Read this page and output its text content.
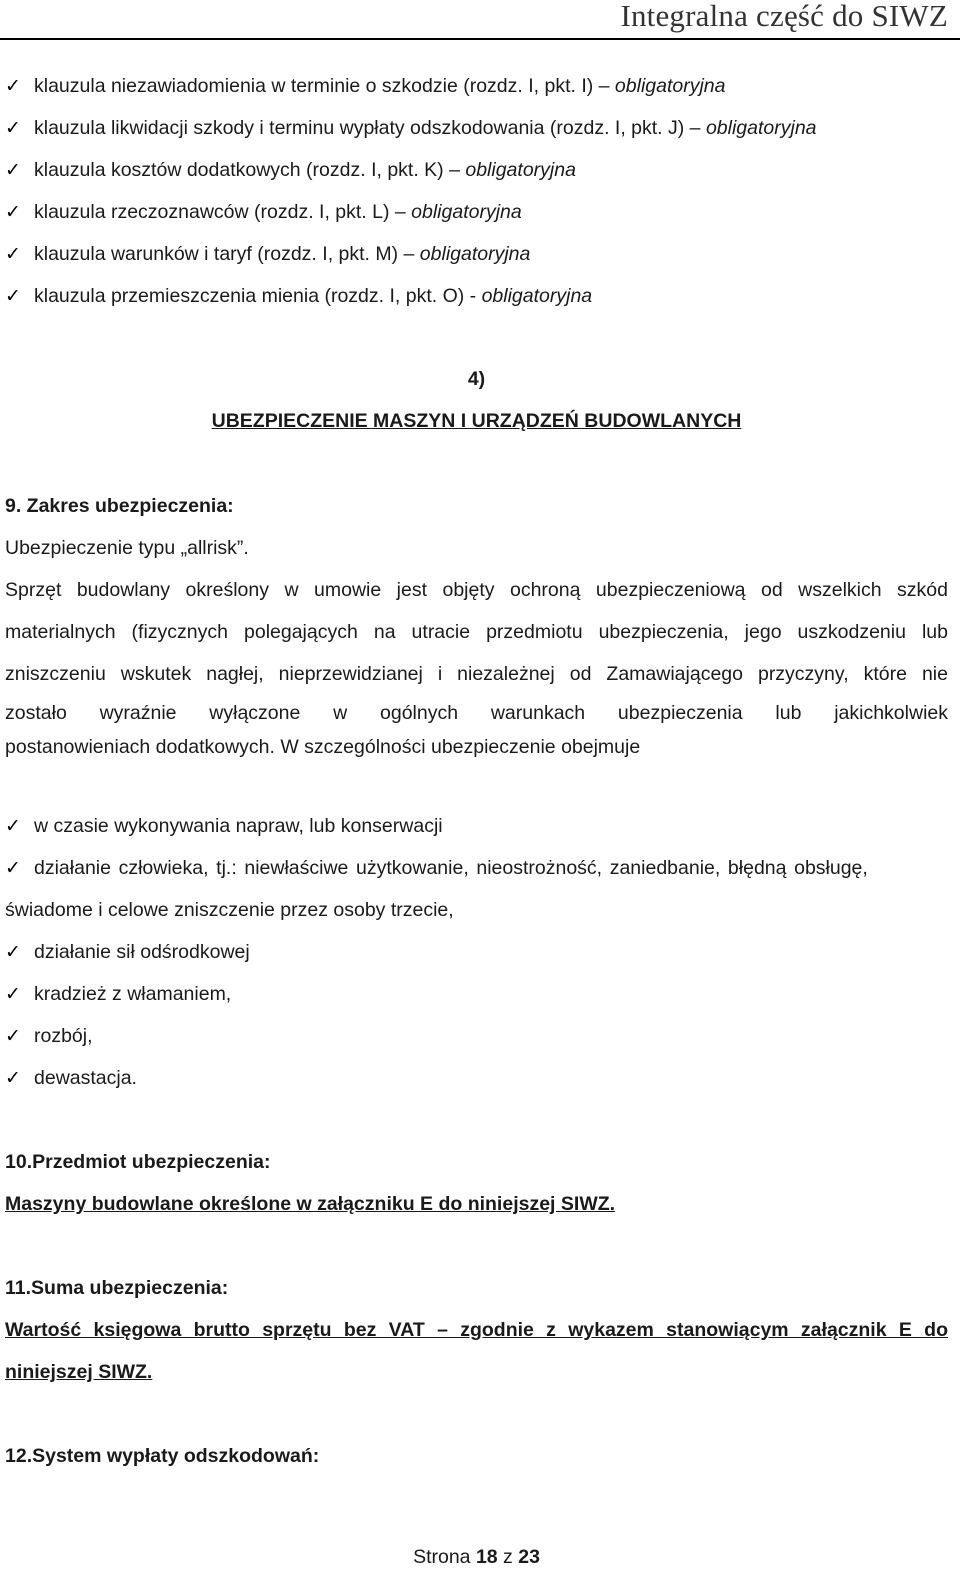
Integralna część do SIWZ
✓ klauzula niezawiadomienia w terminie o szkodzie (rozdz. I, pkt. I) – obligatoryjna
✓ klauzula likwidacji szkody i terminu wypłaty odszkodowania (rozdz. I, pkt. J) – obligatoryjna
✓ klauzula kosztów dodatkowych (rozdz. I, pkt. K) – obligatoryjna
✓ klauzula rzeczoznawców (rozdz. I, pkt. L) – obligatoryjna
✓ klauzula warunków i taryf (rozdz. I, pkt. M) – obligatoryjna
✓ klauzula przemieszczenia mienia (rozdz. I, pkt. O) - obligatoryjna
4)
UBEZPIECZENIE MASZYN I URZĄDZEŃ BUDOWLANYCH
9. Zakres ubezpieczenia:
Ubezpieczenie typu „allrisk”.
Sprzęt budowlany określony w umowie jest objęty ochroną ubezpieczeniową od wszelkich szkód
materialnych (fizycznych polegających na utracie przedmiotu ubezpieczenia, jego uszkodzeniu lub
zniszczeniu wskutek nagłej, nieprzewidzianej i niezależnej od Zamawiającego przyczyny, które nie
zostało wyraźnie wyłączone w ogólnych warunkach ubezpieczenia lub jakichkolwiek
postanowieniach dodatkowych. W szczególności ubezpieczenie obejmuje
✓ w czasie wykonywania napraw, lub konserwacji
✓ działanie człowieka, tj.: niewłaściwe użytkowanie, nieostrożność, zaniedbanie, błędną obsługę,
świadome i celowe zniszczenie przez osoby trzecie,
✓ działanie sił odśrodkowej
✓ kradzież z włamaniem,
✓ rozbój,
✓ dewastacja.
10.Przedmiot ubezpieczenia:
Maszyny budowlane określone w załączniku E do niniejszej SIWZ.
11.Suma ubezpieczenia:
Wartość księgowa brutto sprzętu bez VAT – zgodnie z wykazem stanowiącym załącznik E do
niniejszej SIWZ.
12.System wypłaty odszkodowań:
Strona 18 z 23
